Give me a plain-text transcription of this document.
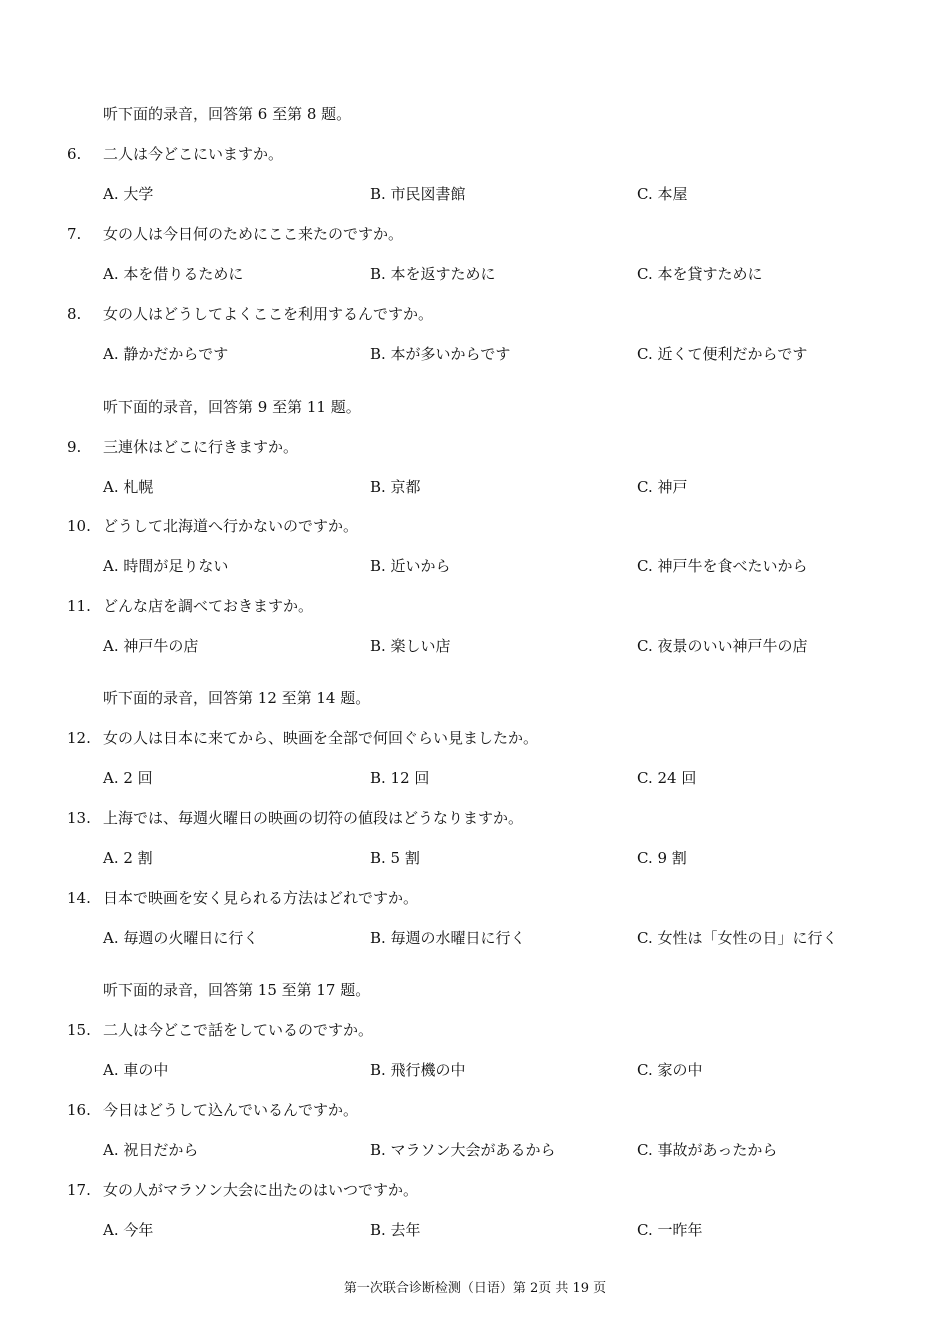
听下面的录音，回答第 6 至第 8 题。
6. 二人は今どこにいますか。
A. 大学	B. 市民図書館	C. 本屋
7. 女の人は今日何のためにここ来たのですか。
A. 本を借りるために	B. 本を返すために	C. 本を貸すために
8. 女の人はどうしてよくここを利用するんですか。
A. 静かだからです	B. 本が多いからです	C. 近くて便利だからです
听下面的录音，回答第 9 至第 11 题。
9. 三連休はどこに行きますか。
A. 札幌	B. 京都	C. 神戸
10. どうして北海道へ行かないのですか。
A. 時間が足りない	B. 近いから	C. 神戸牛を食べたいから
11. どんな店を調べておきますか。
A. 神戸牛の店	B. 楽しい店	C. 夜景のいい神戸牛の店
听下面的录音，回答第 12 至第 14 题。
12. 女の人は日本に来てから、映画を全部で何回ぐらい見ましたか。
A. 2 回	B. 12 回	C. 24 回
13. 上海では、毎週火曜日の映画の切符の値段はどうなりますか。
A. 2 割	B. 5 割	C. 9 割
14. 日本で映画を安く見られる方法はどれですか。
A. 毎週の火曜日に行く	B. 毎週の水曜日に行く	C. 女性は「女性の日」に行く
听下面的录音，回答第 15 至第 17 题。
15. 二人は今どこで話をしているのですか。
A. 車の中	B. 飛行機の中	C. 家の中
16. 今日はどうして込んでいるんですか。
A. 祝日だから	B. マラソン大会があるから	C. 事故があったから
17. 女の人がマラソン大会に出たのはいつですか。
A. 今年	B. 去年	C. 一昨年
第一次联合诊断检测（日语）第 2页 共 19 页
